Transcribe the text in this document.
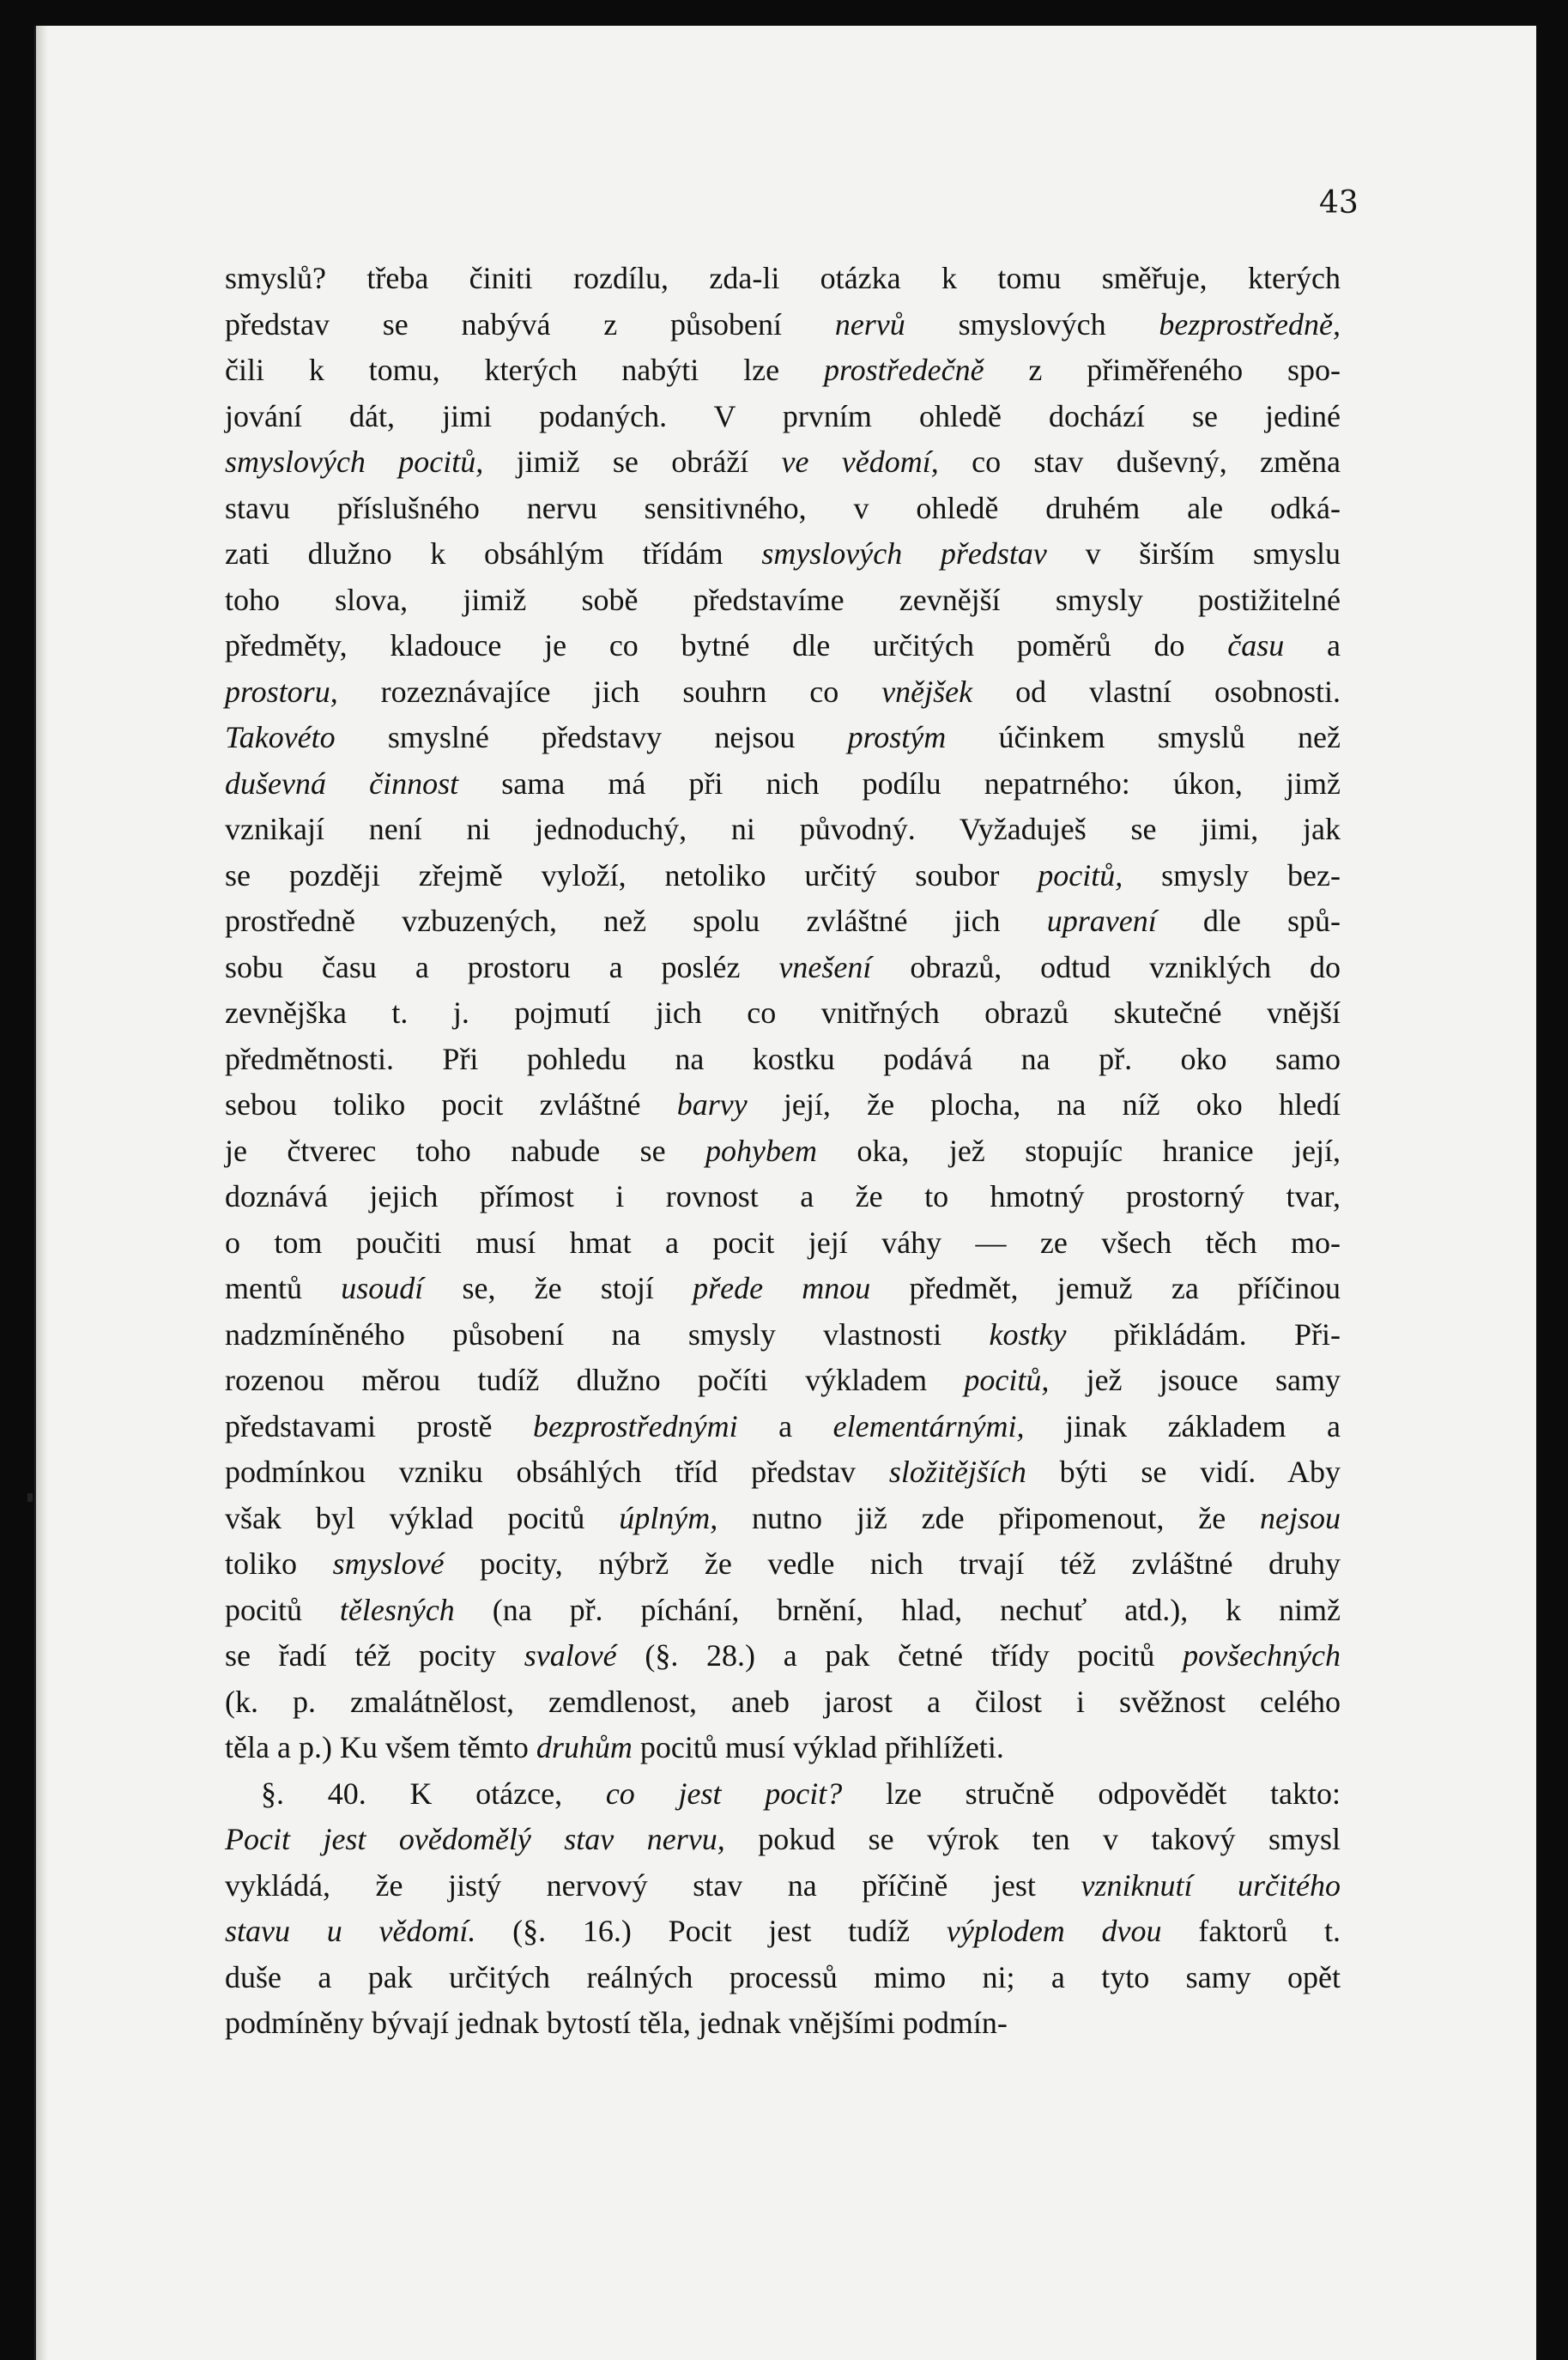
43
smyslů? třeba činiti rozdílu, zda-li otázka k tomu směřuje, kterých
představ se nabývá z působení nervů smyslových bezprostředně,
čili k tomu, kterých nabýti lze prostředečně z přiměřeného spo-
jování dát, jimi podaných. V prvním ohledě dochází se jediné
smyslových pocitů, jimiž se obráží ve vědomí, co stav duševný, změna
stavu příslušného nervu sensitivného, v ohledě druhém ale odká-
zati dlužno k obsáhlým třídám smyslových představ v širším smyslu
toho slova, jimiž sobě představíme zevnější smysly postižitelné
předměty, kladouce je co bytné dle určitých poměrů do času a
prostoru, rozeznávajíce jich souhrn co vnějšek od vlastní osobnosti.
Takovéto smyslné představy nejsou prostým účinkem smyslů než
duševná činnost sama má při nich podílu nepatrného: úkon, jimž
vznikají není ni jednoduchý, ni původný. Vyžaduješ se jimi, jak
se později zřejmě vyloží, netoliko určitý soubor pocitů, smysly bez-
prostředně vzbuzených, než spolu zvláštné jich upravení dle spů-
sobu času a prostoru a posléz vnešení obrazů, odtud vzniklých do
zevnějška t. j. pojmutí jich co vnitřných obrazů skutečné vnější
předmětnosti. Při pohledu na kostku podává na př. oko samo
sebou toliko pocit zvláštné barvy její, že plocha, na níž oko hledí
je čtverec toho nabude se pohybem oka, jež stopujíc hranice její,
doznává jejich přímost i rovnost a že to hmotný prostorný tvar,
o tom poučiti musí hmat a pocit její váhy — ze všech těch mo-
mentů usoudí se, že stojí přede mnou předmět, jemuž za příčinou
nadzmíněného působení na smysly vlastnosti kostky přikládám. Při-
rozenou měrou tudíž dlužno počíti výkladem pocitů, jež jsouce samy
představami prostě bezprostřednými a elementárnými, jinak základem a
podmínkou vzniku obsáhlých tříd představ složitějších býti se vidí. Aby
však byl výklad pocitů úplným, nutno již zde připomenout, že nejsou
toliko smyslové pocity, nýbrž že vedle nich trvají též zvláštné druhy
pocitů tělesných (na př. píchání, brnění, hlad, nechuť atd.), k nimž
se řadí též pocity svalové (§. 28.) a pak četné třídy pocitů povšechných
(k. p. zmalátnělost, zemdlenost, aneb jarost a čilost i svěžnost celého
těla a p.) Ku všem těmto druhům pocitů musí výklad přihlížeti.
§. 40. K otázce, co jest pocit? lze stručně odpovědět takto:
Pocit jest ovědomělý stav nervu, pokud se výrok ten v takový smysl
vykládá, že jistý nervový stav na příčině jest vzniknutí určitého
stavu u vědomí. (§. 16.) Pocit jest tudíž výplodem dvou faktorů t.
duše a pak určitých reálných processů mimo ni; a tyto samy opět
podmíněny bývají jednak bytostí těla, jednak vnějšími podmín-
